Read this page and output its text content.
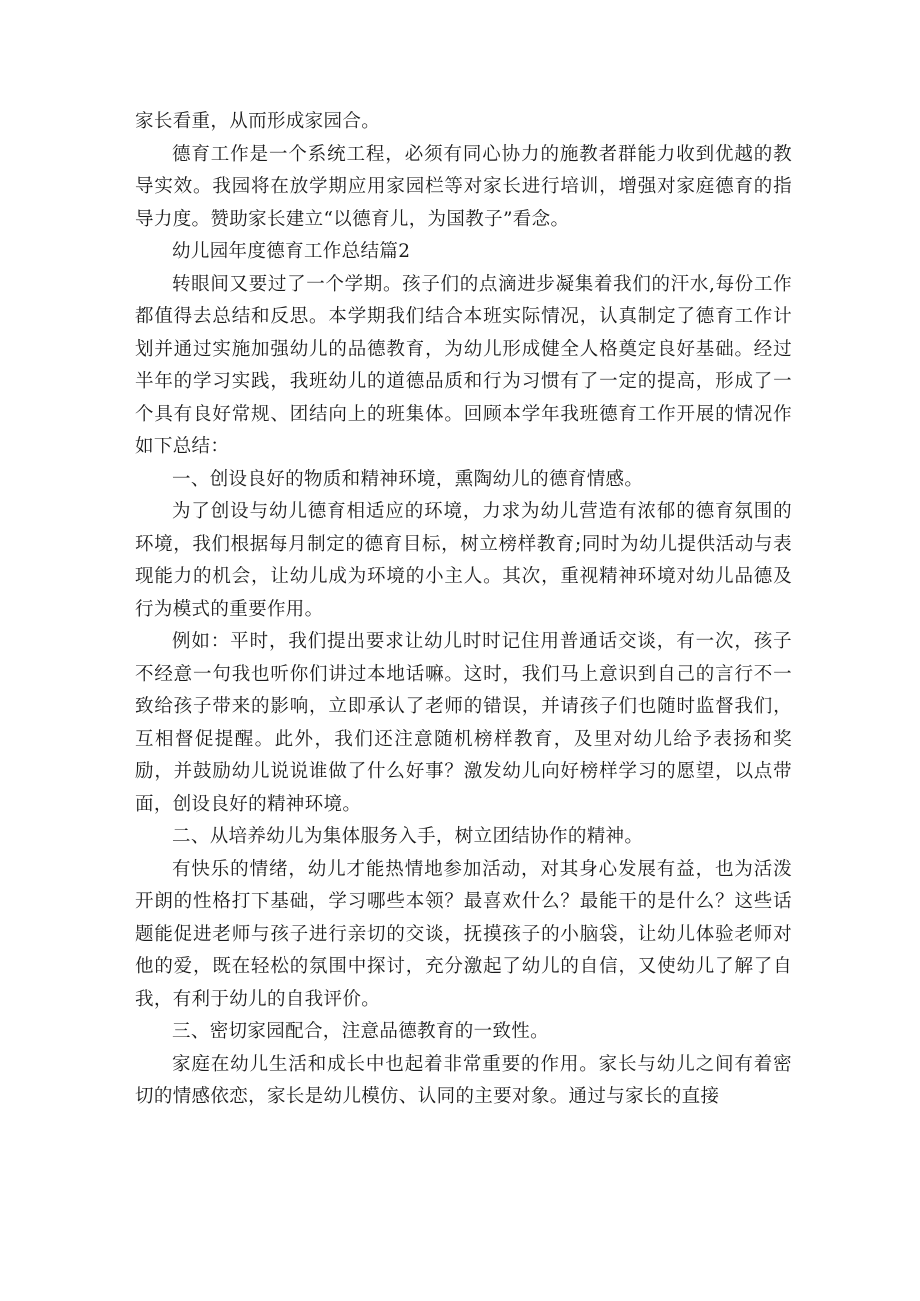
家长看重，从而形成家园合。

德育工作是一个系统工程，必须有同心协力的施教者群能力收到优越的教导实效。我园将在放学期应用家园栏等对家长进行培训，增强对家庭德育的指导力度。赞助家长建立“以德育儿，为国教子”看念。

幼儿园年度德育工作总结篇2

转眼间又要过了一个学期。孩子们的点滴进步凝集着我们的汗水,每份工作都值得去总结和反思。本学期我们结合本班实际情况，认真制定了德育工作计划并通过实施加强幼儿的品德教育，为幼儿形成健全人格奠定良好基础。经过半年的学习实践，我班幼儿的道德品质和行为习惯有了一定的提高，形成了一个具有良好常规、团结向上的班集体。回顾本学年我班德育工作开展的情况作如下总结：

一、创设良好的物质和精神环境，熏陶幼儿的德育情感。

为了创设与幼儿德育相适应的环境，力求为幼儿营造有浓郁的德育氛围的环境，我们根据每月制定的德育目标，树立榜样教育;同时为幼儿提供活动与表现能力的机会，让幼儿成为环境的小主人。其次，重视精神环境对幼儿品德及行为模式的重要作用。

例如：平时，我们提出要求让幼儿时时记住用普通话交谈，有一次，孩子不经意一句我也听你们讲过本地话嘛。这时，我们马上意识到自己的言行不一致给孩子带来的影响，立即承认了老师的错误，并请孩子们也随时监督我们，互相督促提醒。此外，我们还注意随机榜样教育，及里对幼儿给予表扬和奖励，并鼓励幼儿说说谁做了什么好事？激发幼儿向好榜样学习的愿望，以点带面，创设良好的精神环境。

二、从培养幼儿为集体服务入手，树立团结协作的精神。

有快乐的情绪，幼儿才能热情地参加活动，对其身心发展有益，也为活泼开朗的性格打下基础，学习哪些本领？最喜欢什么？最能干的是什么？这些话题能促进老师与孩子进行亲切的交谈，抚摸孩子的小脑袋，让幼儿体验老师对他的爱，既在轻松的氛围中探讨，充分激起了幼儿的自信，又使幼儿了解了自我，有利于幼儿的自我评价。

三、密切家园配合，注意品德教育的一致性。

家庭在幼儿生活和成长中也起着非常重要的作用。家长与幼儿之间有着密切的情感依恋，家长是幼儿模仿、认同的主要对象。通过与家长的直接
